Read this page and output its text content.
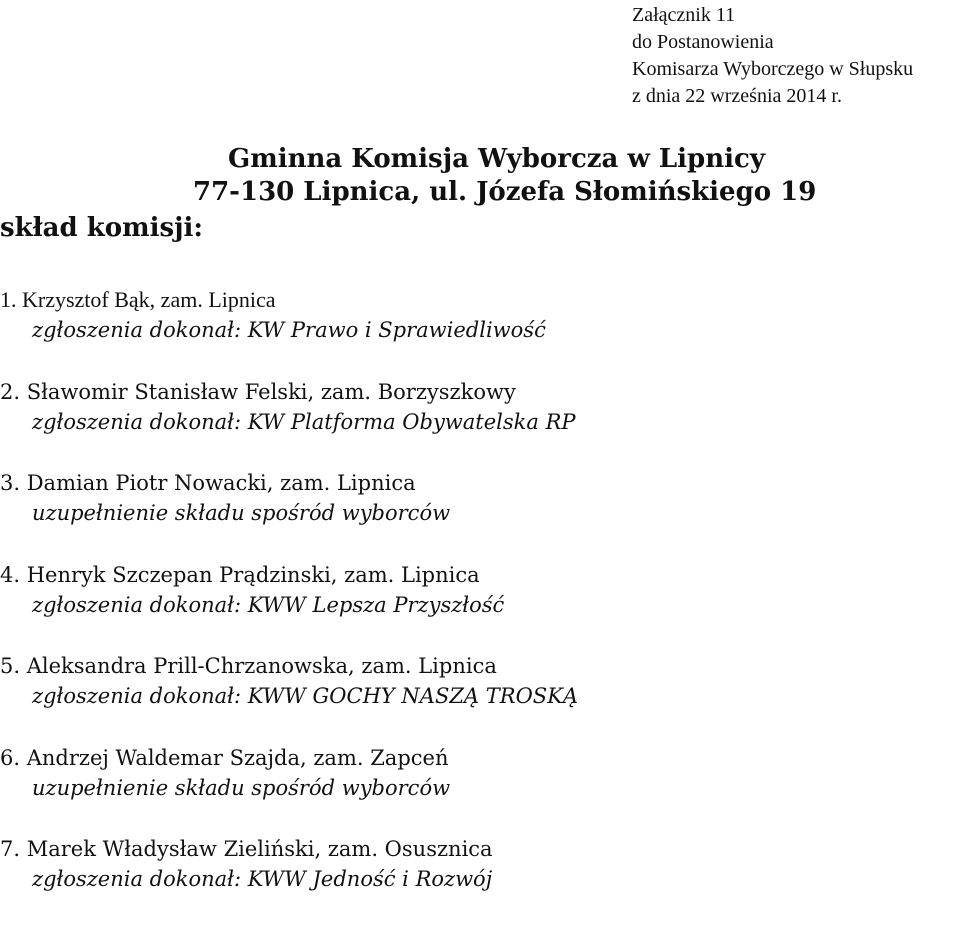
Załącznik 11
do Postanowienia
Komisarza Wyborczego w Słupsku
z dnia 22 września 2014 r.
Gminna Komisja Wyborcza w Lipnicy
77-130 Lipnica, ul. Józefa Słomińskiego 19
skład komisji:
1. Krzysztof Bąk, zam. Lipnica
zgłoszenia dokonał: KW Prawo i Sprawiedliwość
2. Sławomir Stanisław Felski, zam. Borzyszkowy
zgłoszenia dokonał: KW Platforma Obywatelska RP
3. Damian Piotr Nowacki, zam. Lipnica
uzupełnienie składu spośród wyborców
4. Henryk Szczepan Prądzinski, zam. Lipnica
zgłoszenia dokonał: KWW Lepsza Przyszłość
5. Aleksandra Prill-Chrzanowska, zam. Lipnica
zgłoszenia dokonał: KWW GOCHY NASZĄ TROSKĄ
6. Andrzej Waldemar Szajda, zam. Zapceń
uzupełnienie składu spośród wyborców
7. Marek Władysław Zieliński, zam. Osusznica
zgłoszenia dokonał: KWW Jedność i Rozwój
